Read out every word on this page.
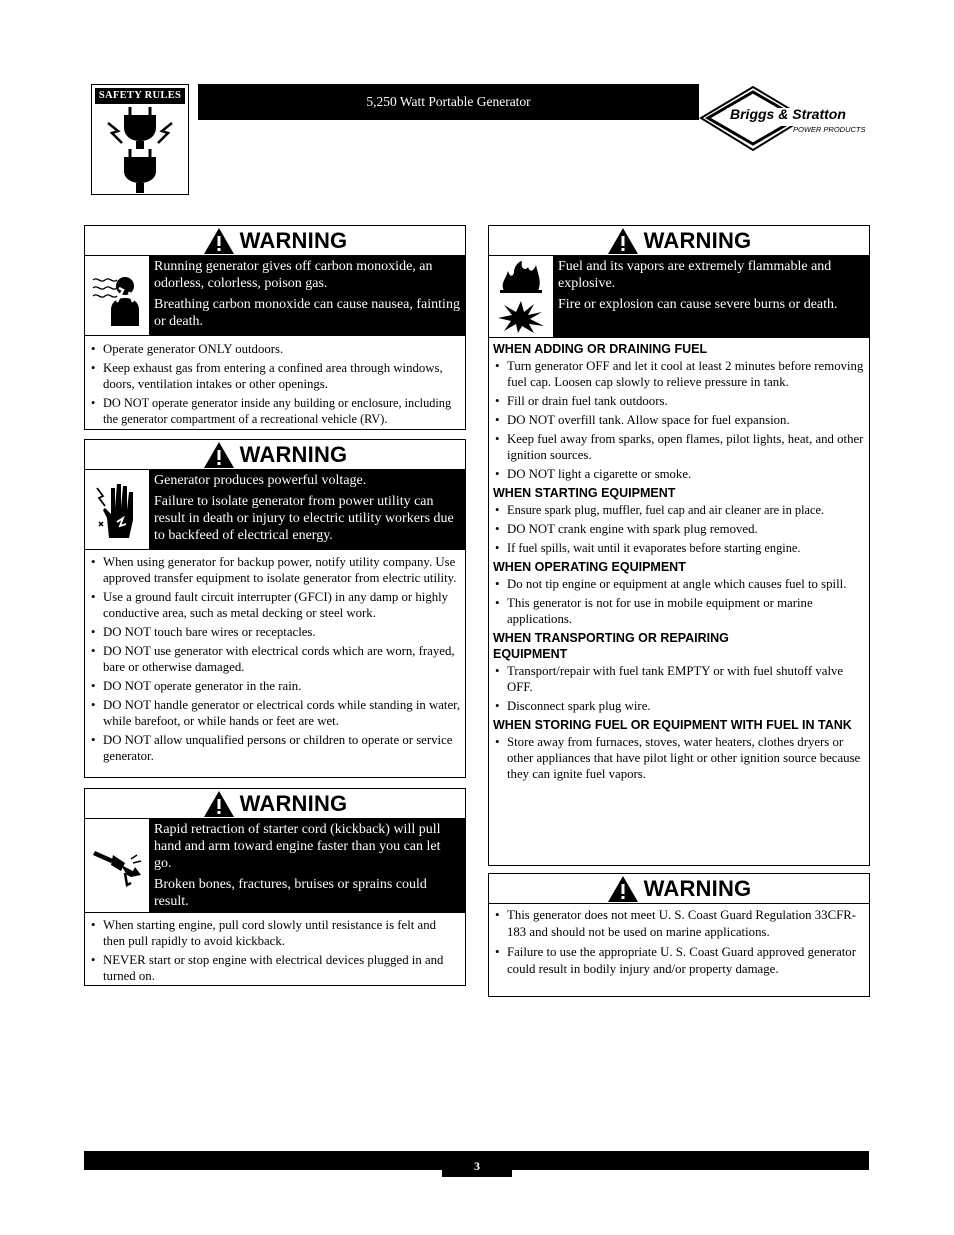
SAFETY RULES	5,250 Watt Portable Generator
Briggs & Stratton
POWER PRODUCTS
WARNING

Running generator gives off carbon monoxide, an odorless, colorless, poison gas.

Breathing carbon monoxide can cause nausea, fainting or death.

• Operate generator ONLY outdoors.
• Keep exhaust gas from entering a confined area through windows, doors, ventilation intakes or other openings.
• DO NOT operate generator inside any building or enclosure, including the generator compartment of a recreational vehicle (RV).
WARNING

Generator produces powerful voltage.

Failure to isolate generator from power utility can result in death or injury to electric utility workers due to backfeed of electrical energy.

• When using generator for backup power, notify utility company. Use approved transfer equipment to isolate generator from electric utility.
• Use a ground fault circuit interrupter (GFCI) in any damp or highly conductive area, such as metal decking or steel work.
• DO NOT touch bare wires or receptacles.
• DO NOT use generator with electrical cords which are worn, frayed, bare or otherwise damaged.
• DO NOT operate generator in the rain.
• DO NOT handle generator or electrical cords while standing in water, while barefoot, or while hands or feet are wet.
• DO NOT allow unqualified persons or children to operate or service generator.
WARNING

Rapid retraction of starter cord (kickback) will pull hand and arm toward engine faster than you can let go.

Broken bones, fractures, bruises or sprains could result.

• When starting engine, pull cord slowly until resistance is felt and then pull rapidly to avoid kickback.
• NEVER start or stop engine with electrical devices plugged in and turned on.
WARNING

Fuel and its vapors are extremely flammable and explosive.

Fire or explosion can cause severe burns or death.

WHEN ADDING OR DRAINING FUEL
• Turn generator OFF and let it cool at least 2 minutes before removing fuel cap. Loosen cap slowly to relieve pressure in tank.
• Fill or drain fuel tank outdoors.
• DO NOT overfill tank. Allow space for fuel expansion.
• Keep fuel away from sparks, open flames, pilot lights, heat, and other ignition sources.
• DO NOT light a cigarette or smoke.
WHEN STARTING EQUIPMENT
• Ensure spark plug, muffler, fuel cap and air cleaner are in place.
• DO NOT crank engine with spark plug removed.
• If fuel spills, wait until it evaporates before starting engine.
WHEN OPERATING EQUIPMENT
• Do not tip engine or equipment at angle which causes fuel to spill.
• This generator is not for use in mobile equipment or marine applications.
WHEN TRANSPORTING OR REPAIRING EQUIPMENT
• Transport/repair with fuel tank EMPTY or with fuel shutoff valve OFF.
• Disconnect spark plug wire.
WHEN STORING FUEL OR EQUIPMENT WITH FUEL IN TANK
• Store away from furnaces, stoves, water heaters, clothes dryers or other appliances that have pilot light or other ignition source because they can ignite fuel vapors.
WARNING
• This generator does not meet U. S. Coast Guard Regulation 33CFR-183 and should not be used on marine applications.
• Failure to use the appropriate U. S. Coast Guard approved generator could result in bodily injury and/or property damage.
3
